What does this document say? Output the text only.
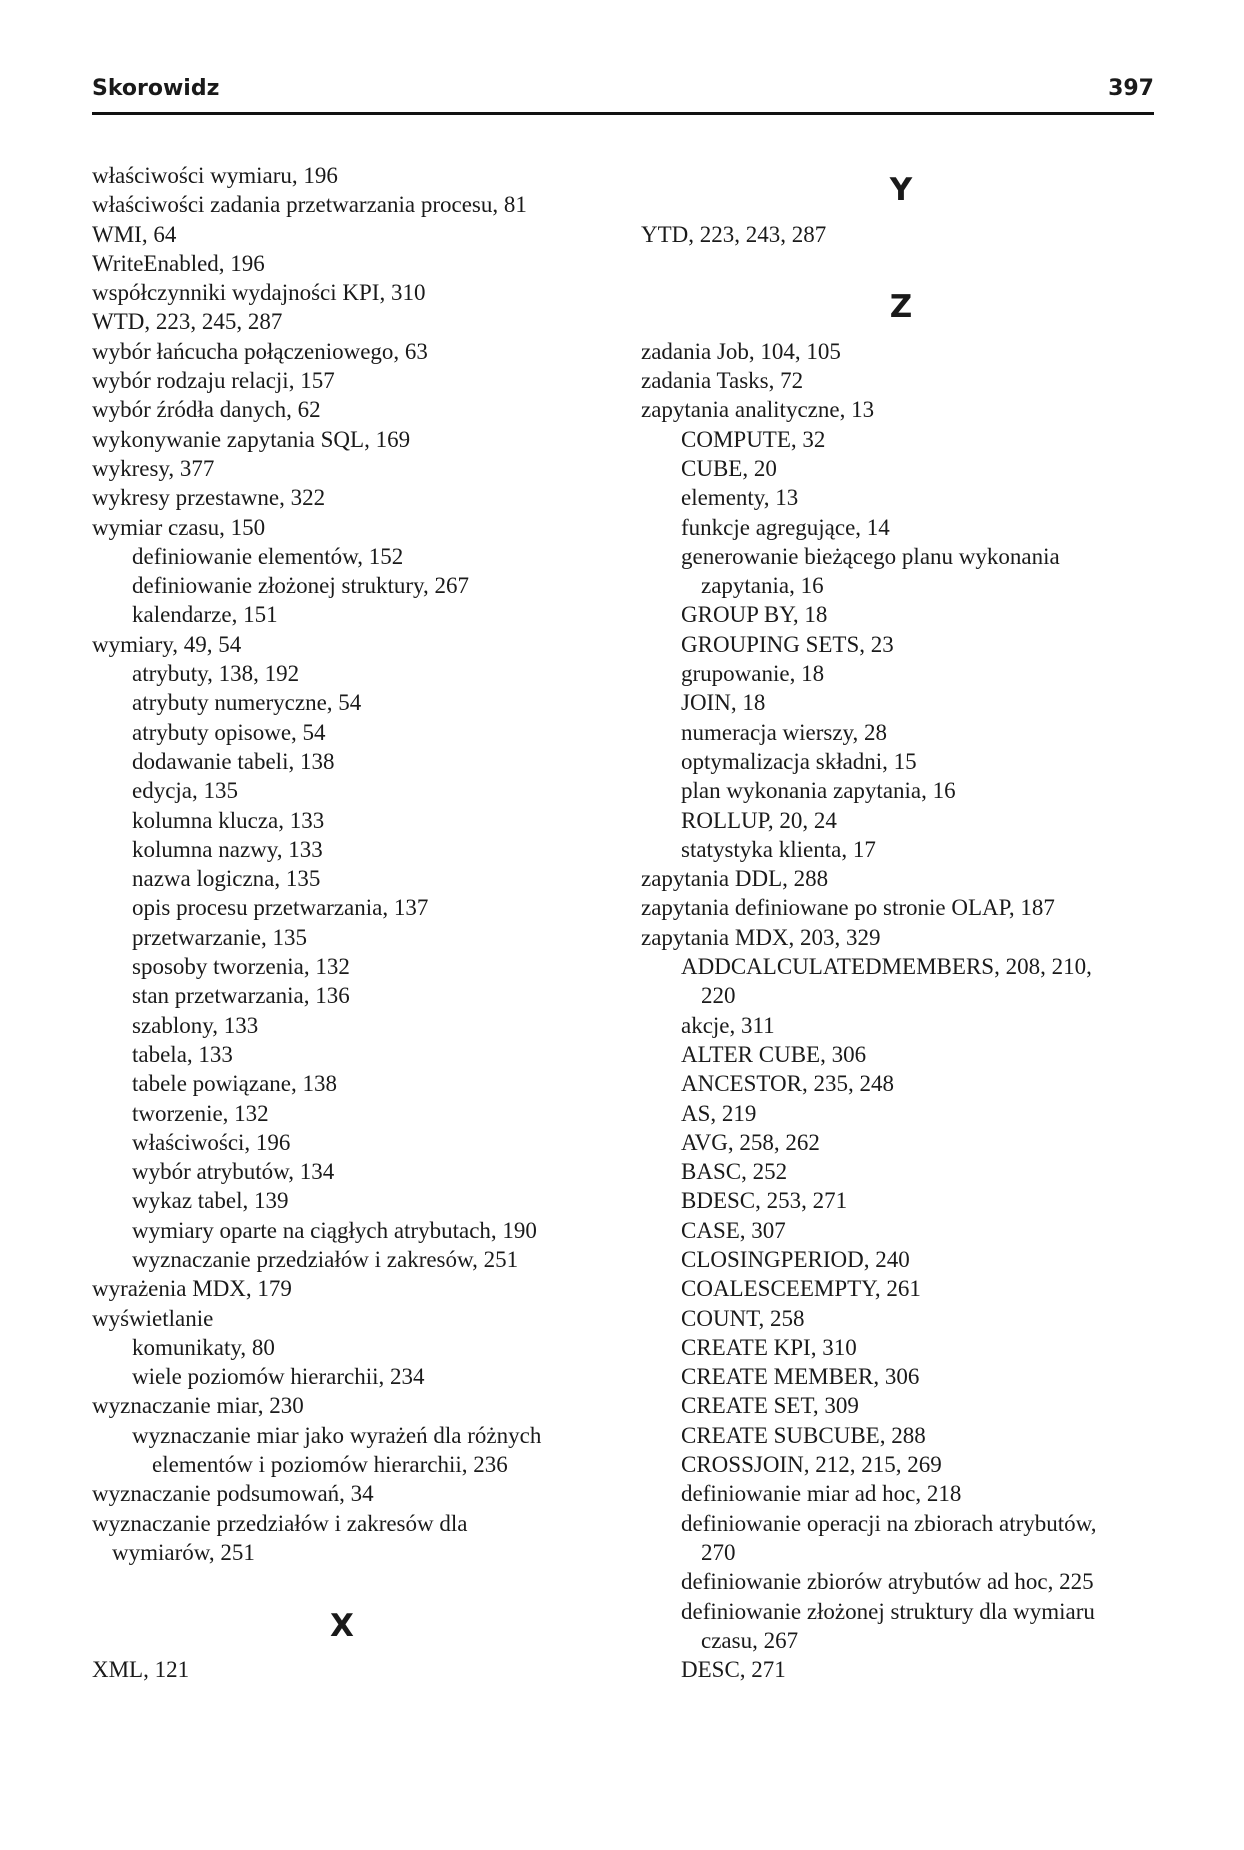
Skorowidz	397
właściwości wymiaru, 196
właściwości zadania przetwarzania procesu, 81
WMI, 64
WriteEnabled, 196
współczynniki wydajności KPI, 310
WTD, 223, 245, 287
wybór łańcucha połączeniowego, 63
wybór rodzaju relacji, 157
wybór źródła danych, 62
wykonywanie zapytania SQL, 169
wykresy, 377
wykresy przestawne, 322
wymiar czasu, 150
definiowanie elementów, 152
definiowanie złożonej struktury, 267
kalendarze, 151
wymiary, 49, 54
atrybuty, 138, 192
atrybuty numeryczne, 54
atrybuty opisowe, 54
dodawanie tabeli, 138
edycja, 135
kolumna klucza, 133
kolumna nazwy, 133
nazwa logiczna, 135
opis procesu przetwarzania, 137
przetwarzanie, 135
sposoby tworzenia, 132
stan przetwarzania, 136
szablony, 133
tabela, 133
tabele powiązane, 138
tworzenie, 132
właściwości, 196
wybór atrybutów, 134
wykaz tabel, 139
wymiary oparte na ciągłych atrybutach, 190
wyznaczanie przedziałów i zakresów, 251
wyrażenia MDX, 179
wyświetlanie
komunikaty, 80
wiele poziomów hierarchii, 234
wyznaczanie miar, 230
wyznaczanie miar jako wyrażeń dla różnych
elementów i poziomów hierarchii, 236
wyznaczanie podsumowań, 34
wyznaczanie przedziałów i zakresów dla
wymiarów, 251
X
XML, 121
Y
YTD, 223, 243, 287
Z
zadania Job, 104, 105
zadania Tasks, 72
zapytania analityczne, 13
COMPUTE, 32
CUBE, 20
elementy, 13
funkcje agregujące, 14
generowanie bieżącego planu wykonania
zapytania, 16
GROUP BY, 18
GROUPING SETS, 23
grupowanie, 18
JOIN, 18
numeracja wierszy, 28
optymalizacja składni, 15
plan wykonania zapytania, 16
ROLLUP, 20, 24
statystyka klienta, 17
zapytania DDL, 288
zapytania definiowane po stronie OLAP, 187
zapytania MDX, 203, 329
ADDCALCULATEDMEMBERS, 208, 210,
220
akcje, 311
ALTER CUBE, 306
ANCESTOR, 235, 248
AS, 219
AVG, 258, 262
BASC, 252
BDESC, 253, 271
CASE, 307
CLOSINGPERIOD, 240
COALESCEEMPTY, 261
COUNT, 258
CREATE KPI, 310
CREATE MEMBER, 306
CREATE SET, 309
CREATE SUBCUBE, 288
CROSSJOIN, 212, 215, 269
definiowanie miar ad hoc, 218
definiowanie operacji na zbiorach atrybutów,
270
definiowanie zbiorów atrybutów ad hoc, 225
definiowanie złożonej struktury dla wymiaru
czasu, 267
DESC, 271
